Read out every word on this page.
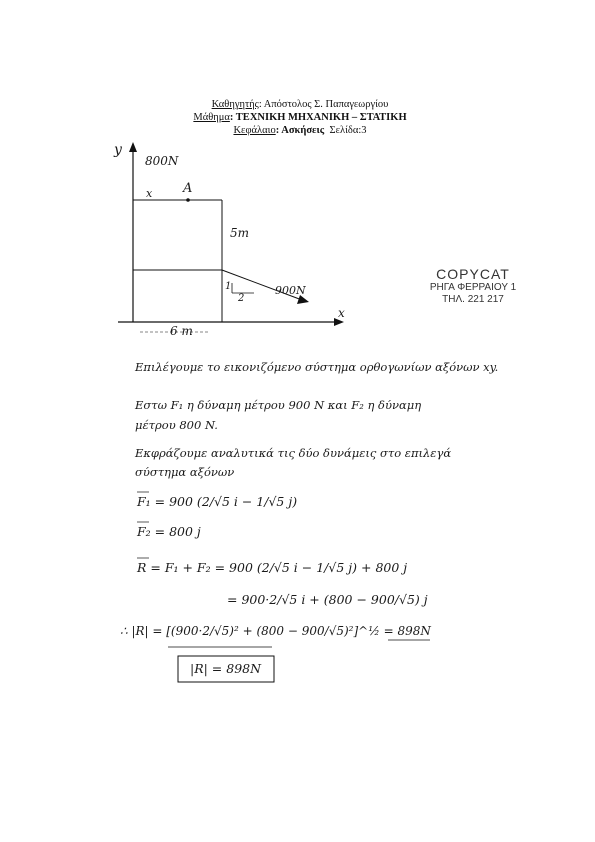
Καθηγητής: Απόστολος Σ. Παπαγεωργίου
Μάθημα: ΤΕΧΝΙΚΗ ΜΗΧΑΝΙΚΗ – ΣΤΑΤΙΚΗ
Κεφάλαιο: Ασκήσεις Σελίδα:3
y
800N
x A
5m
900N
1
2
6 m
x
COPYCAT
ΡΗΓΑ ΦΕΡΡΑΙΟΥ 1
ΤΗΛ. 221 217
Επιλέγουμε το εικονιζόμενο σύστημα ορθογωνίων αξόνων xy.
Εστω F₁ η δύναμη μέτρου 900 N και F₂ η δύναμη
μέτρου 800 N.
Εκφράζουμε αναλυτικά τις δύο δυνάμεις στο επιλεγά
σύστημα αξόνων
F₁ = 900 (2/√5 i − 1/√5 j)
F₂ = 800 j
R = F₁ + F₂ = 900 (2/√5 i − 1/√5 j) + 800 j
= 900·2/√5 i + (800 − 900/√5) j
∴ |R| = [(900·2/√5)² + (800 − 900/√5)²]^½ = 898N
|R| = 898N
